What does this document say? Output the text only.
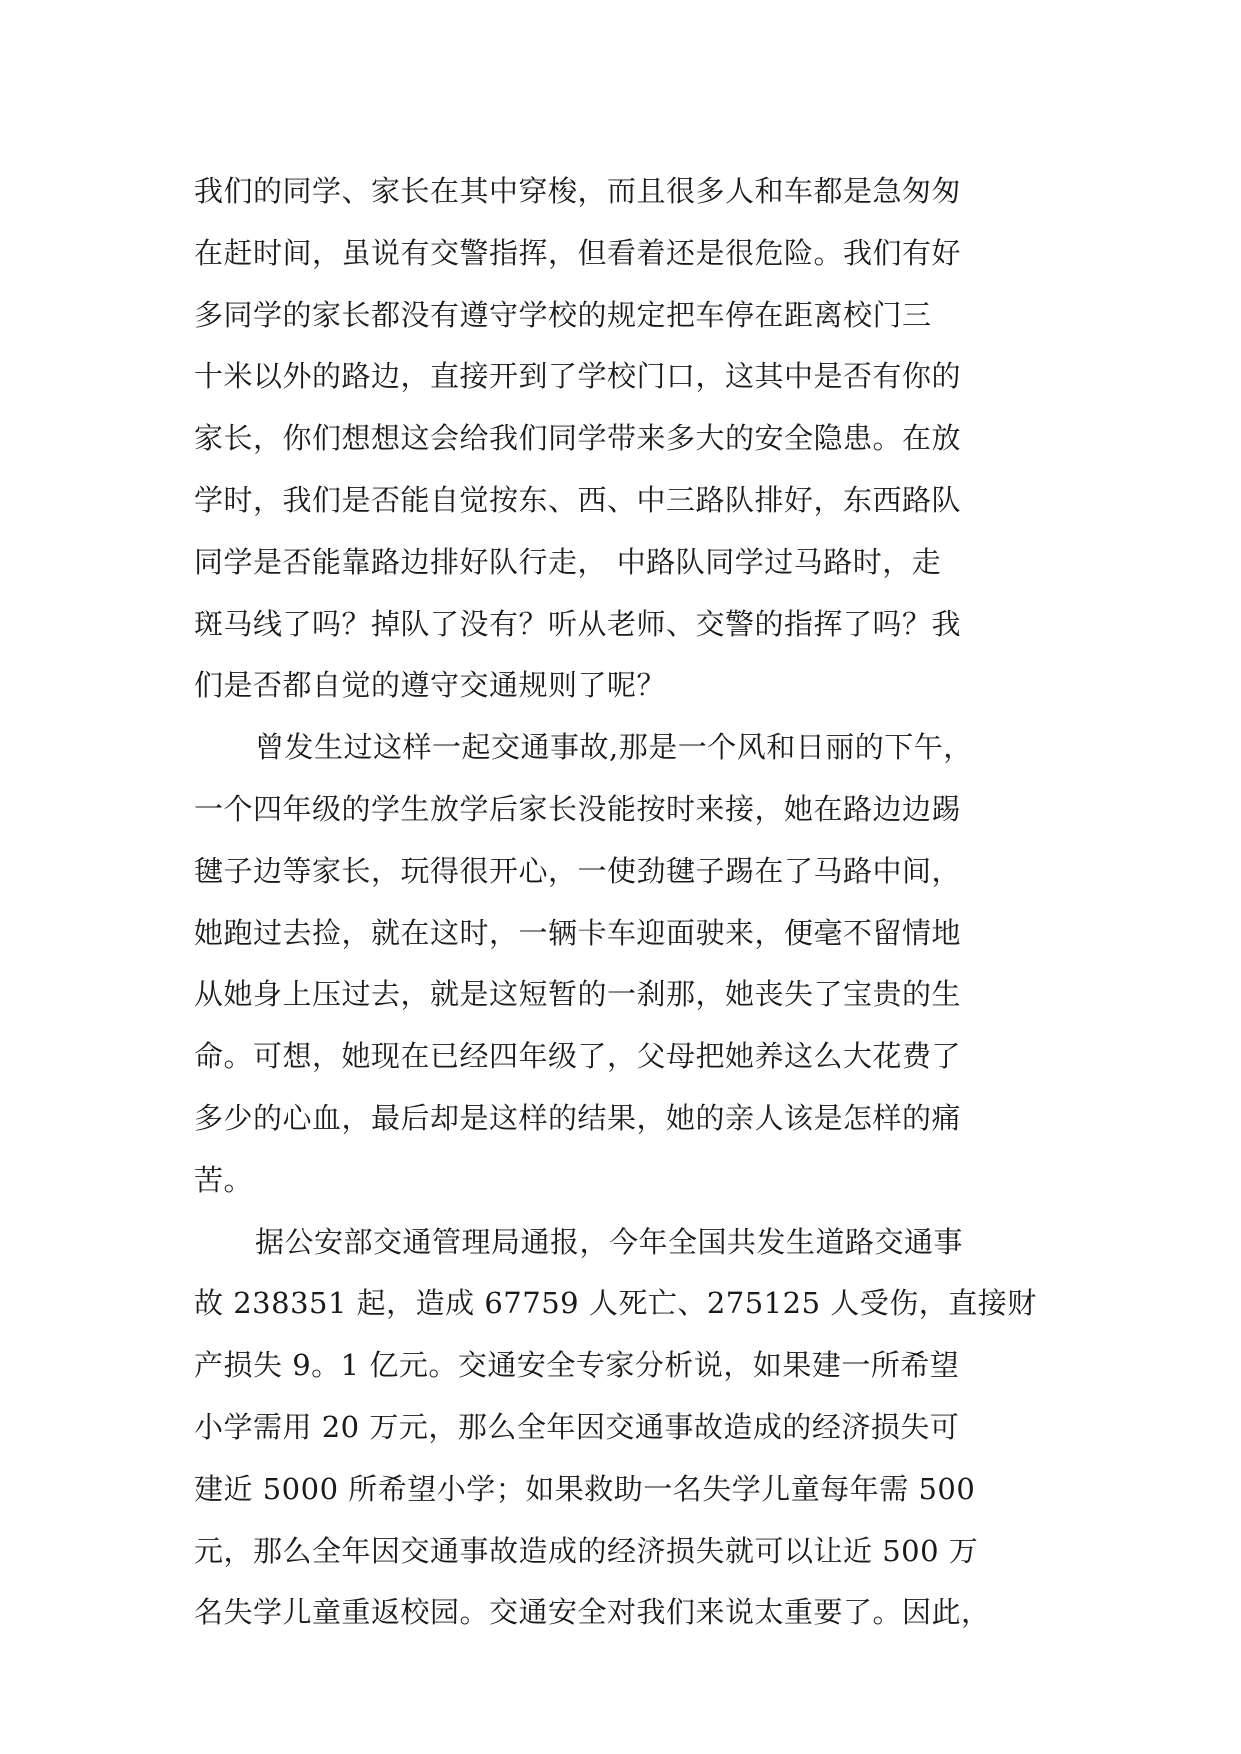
我们的同学、家长在其中穿梭，而且很多人和车都是急匆匆
在赶时间，虽说有交警指挥，但看着还是很危险。我们有好
多同学的家长都没有遵守学校的规定把车停在距离校门三
十米以外的路边，直接开到了学校门口，这其中是否有你的
家长，你们想想这会给我们同学带来多大的安全隐患。在放
学时，我们是否能自觉按东、西、中三路队排好，东西路队
同学是否能靠路边排好队行走， 中路队同学过马路时，走
斑马线了吗？掉队了没有？听从老师、交警的指挥了吗？我
们是否都自觉的遵守交通规则了呢？
曾发生过这样一起交通事故,那是一个风和日丽的下午，
一个四年级的学生放学后家长没能按时来接，她在路边边踢
毽子边等家长，玩得很开心，一使劲毽子踢在了马路中间，
她跑过去捡，就在这时，一辆卡车迎面驶来，便毫不留情地
从她身上压过去，就是这短暂的一刹那，她丧失了宝贵的生
命。可想，她现在已经四年级了，父母把她养这么大花费了
多少的心血，最后却是这样的结果，她的亲人该是怎样的痛
苦。
据公安部交通管理局通报，今年全国共发生道路交通事
故 238351 起，造成 67759 人死亡、275125 人受伤，直接财
产损失 9。1 亿元。交通安全专家分析说，如果建一所希望
小学需用 20 万元，那么全年因交通事故造成的经济损失可
建近 5000 所希望小学；如果救助一名失学儿童每年需 500
元，那么全年因交通事故造成的经济损失就可以让近 500 万
名失学儿童重返校园。交通安全对我们来说太重要了。因此，
